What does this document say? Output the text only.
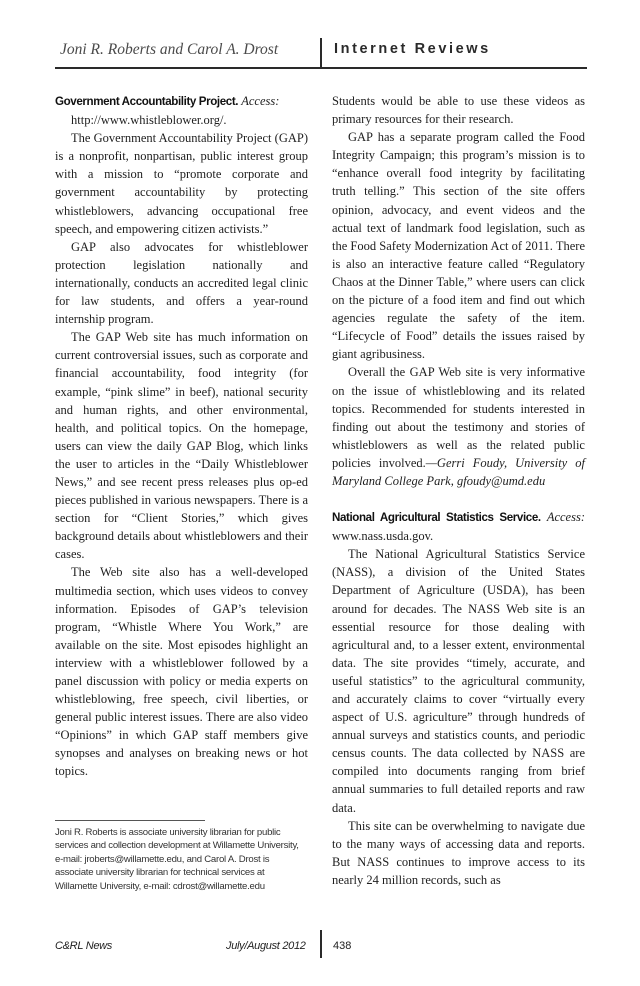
Joni R. Roberts and Carol A. Drost	Internet Reviews

Government Accountability Project. Access:

http://www.whistleblower.org/.

The Government Accountability Project (GAP) is a nonprofit, nonpartisan, public interest group with a mission to “promote corporate and government accountability by protecting whistleblowers, advancing occupational free speech, and empowering citizen activists.”

GAP also advocates for whistleblower protection legislation nationally and internationally, conducts an accredited legal clinic for law students, and offers a year-round internship program.

The GAP Web site has much information on current controversial issues, such as corporate and financial accountability, food integrity (for example, “pink slime” in beef), national security and human rights, and other environmental, health, and political topics. On the homepage, users can view the daily GAP Blog, which links the user to articles in the “Daily Whistleblower News,” and see recent press releases plus op-ed pieces published in various newspapers. There is a section for “Client Stories,” which gives background details about whistleblowers and their cases.

The Web site also has a well-developed multimedia section, which uses videos to convey information. Episodes of GAP’s television program, “Whistle Where You Work,” are available on the site. Most episodes highlight an interview with a whistleblower followed by a panel discussion with policy or media experts on whistleblowing, free speech, civil liberties, or general public interest issues. There are also video “Opinions” in which GAP staff members give synopses and analyses on breaking news or hot topics.

Students would be able to use these videos as primary resources for their research.

GAP has a separate program called the Food Integrity Campaign; this program’s mission is to “enhance overall food integrity by facilitating truth telling.” This section of the site offers opinion, advocacy, and event videos and the actual text of landmark food legislation, such as the Food Safety Modernization Act of 2011. There is also an interactive feature called “Regulatory Chaos at the Dinner Table,” where users can click on the picture of a food item and find out which agencies regulate the safety of the item. “Lifecycle of Food” details the issues raised by giant agribusiness.

Overall the GAP Web site is very informative on the issue of whistleblowing and its related topics. Recommended for students interested in finding out about the testimony and stories of whistleblowers as well as the related public policies involved.—Gerri Foudy, University of Maryland College Park, gfoudy@umd.edu

National Agricultural Statistics Service. Access: www.nass.usda.gov.

The National Agricultural Statistics Service (NASS), a division of the United States Department of Agriculture (USDA), has been around for decades. The NASS Web site is an essential resource for those dealing with agricultural and, to a lesser extent, environmental data. The site provides “timely, accurate, and useful statistics” to the agricultural community, and accurately claims to cover “virtually every aspect of U.S. agriculture” through hundreds of annual surveys and statistics counts, and periodic census counts. The data collected by NASS are compiled into documents ranging from brief annual summaries to full detailed reports and raw data.

This site can be overwhelming to navigate due to the many ways of accessing data and reports. But NASS continues to improve access to its nearly 24 million records, such as

Joni R. Roberts is associate university librarian for public services and collection development at Willamette University, e-mail: jroberts@willamette.edu, and Carol A. Drost is associate university librarian for technical services at Willamette University, e-mail: cdrost@willamette.edu
C&RL News	July/August 2012 438
